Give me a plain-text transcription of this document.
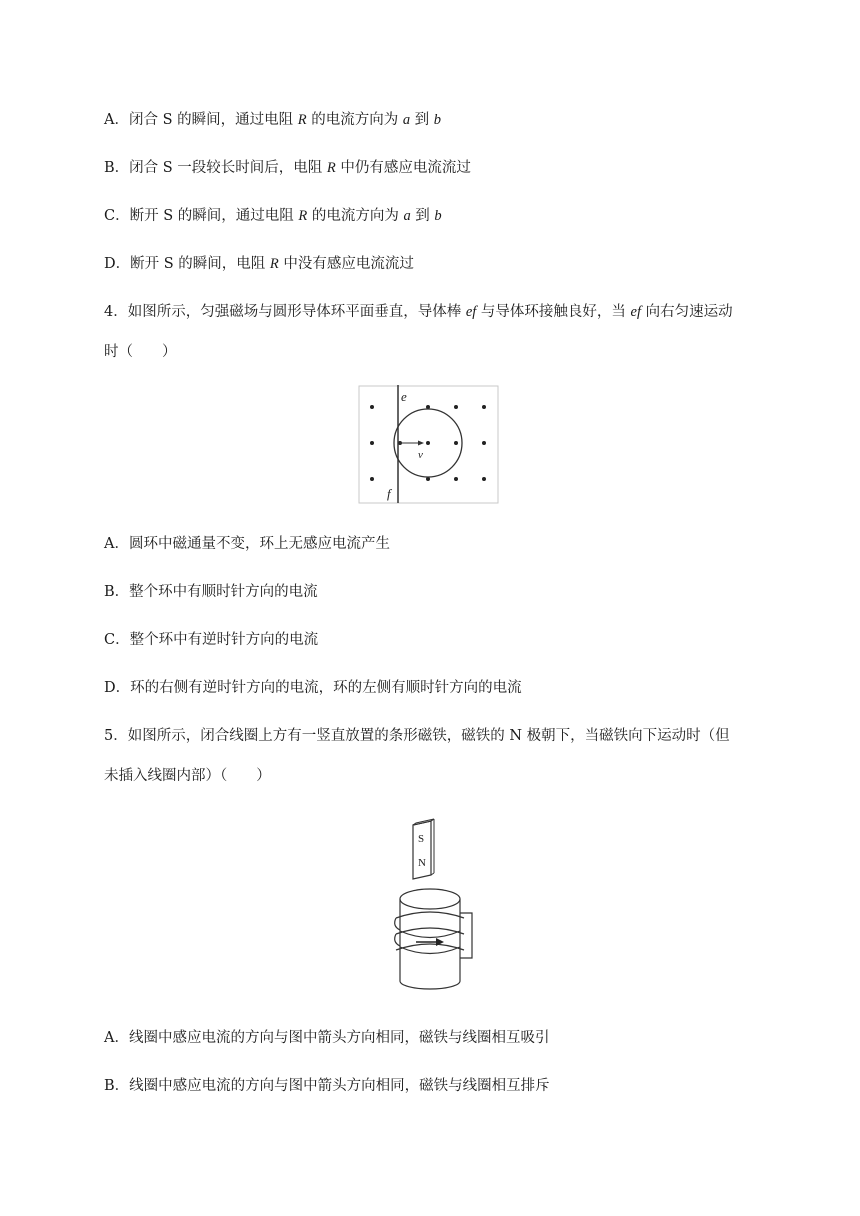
A．闭合 S 的瞬间，通过电阻 R 的电流方向为 a 到 b
B．闭合 S 一段较长时间后，电阻 R 中仍有感应电流流过
C．断开 S 的瞬间，通过电阻 R 的电流方向为 a 到 b
D．断开 S 的瞬间，电阻 R 中没有感应电流流过
4．如图所示，匀强磁场与圆形导体环平面垂直，导体棒 ef 与导体环接触良好，当 ef 向右匀速运动
时（　　）
e
f
v
A．圆环中磁通量不变，环上无感应电流产生
B．整个环中有顺时针方向的电流
C．整个环中有逆时针方向的电流
D．环的右侧有逆时针方向的电流，环的左侧有顺时针方向的电流
5．如图所示，闭合线圈上方有一竖直放置的条形磁铁，磁铁的 N 极朝下，当磁铁向下运动时（但
未插入线圈内部）（　　）
S
N
A．线圈中感应电流的方向与图中箭头方向相同，磁铁与线圈相互吸引
B．线圈中感应电流的方向与图中箭头方向相同，磁铁与线圈相互排斥
